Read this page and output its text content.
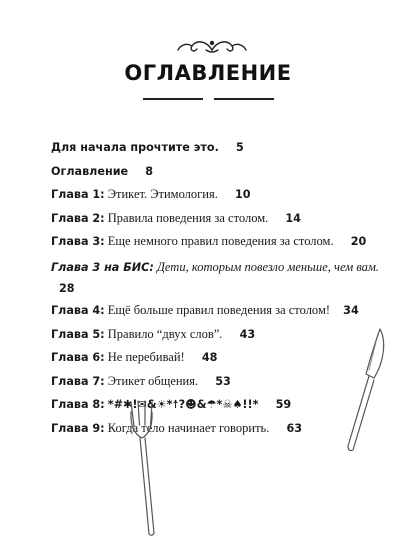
ОГЛАВЛЕНИЕ
Для начала прочтите это. 5
Оглавление 8
Глава 1: Этикет. Этимология. 10
Глава 2: Правила поведения за столом. 14
Глава 3: Еще немного правил поведения за столом. 20
Глава 3 на БИС: Дети, которым повезло меньше, чем вам. 28
Глава 4: Ещё больше правил поведения за столом! 34
Глава 5: Правило “двух слов”. 43
Глава 6: Не перебивай! 48
Глава 7: Этикет общения. 53
Глава 8: *#✱!✉&☀*☨?☻&☂*☠♠!!* 59
Глава 9: Когда тело начинает говорить. 63
